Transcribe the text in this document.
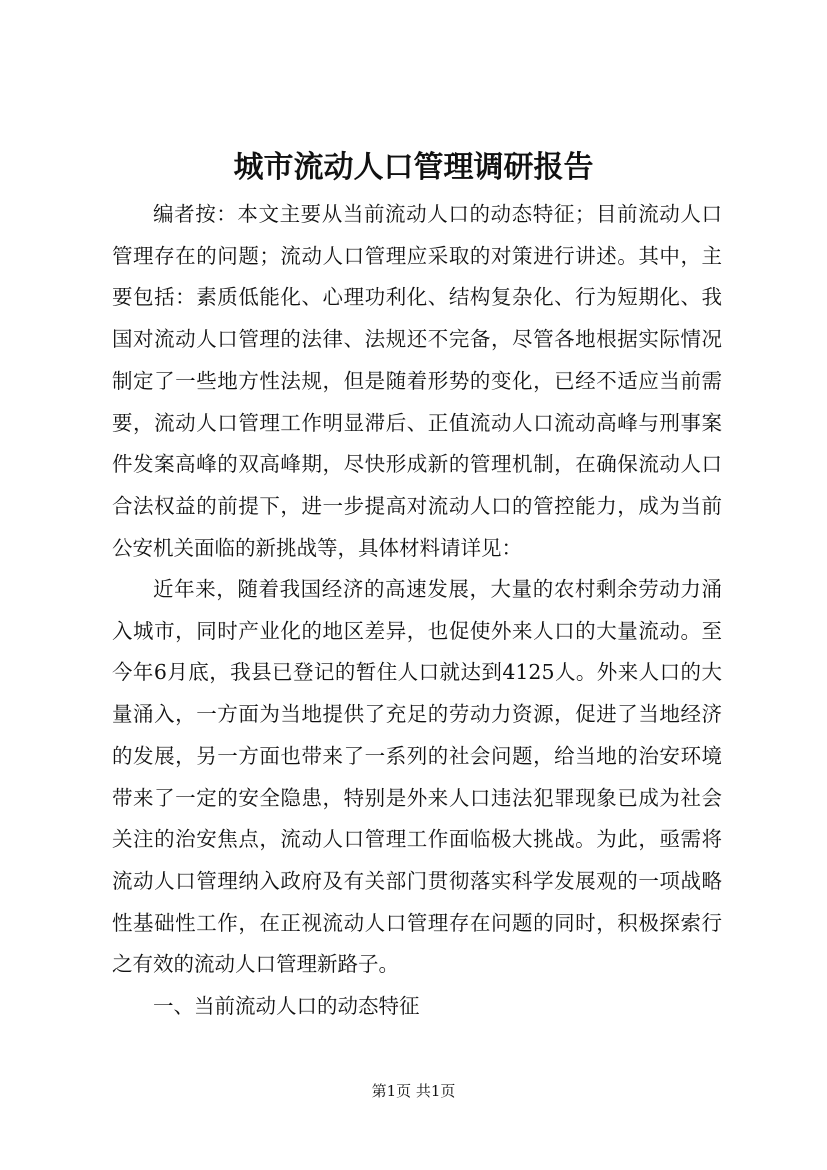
城市流动人口管理调研报告
编者按：本文主要从当前流动人口的动态特征；目前流动人口管理存在的问题；流动人口管理应采取的对策进行讲述。其中，主要包括：素质低能化、心理功利化、结构复杂化、行为短期化、我国对流动人口管理的法律、法规还不完备，尽管各地根据实际情况制定了一些地方性法规，但是随着形势的变化，已经不适应当前需要，流动人口管理工作明显滞后、正值流动人口流动高峰与刑事案件发案高峰的双高峰期，尽快形成新的管理机制，在确保流动人口合法权益的前提下，进一步提高对流动人口的管控能力，成为当前公安机关面临的新挑战等，具体材料请详见：
近年来，随着我国经济的高速发展，大量的农村剩余劳动力涌入城市，同时产业化的地区差异，也促使外来人口的大量流动。至今年6月底，我县已登记的暂住人口就达到4125人。外来人口的大量涌入，一方面为当地提供了充足的劳动力资源，促进了当地经济的发展，另一方面也带来了一系列的社会问题，给当地的治安环境带来了一定的安全隐患，特别是外来人口违法犯罪现象已成为社会关注的治安焦点，流动人口管理工作面临极大挑战。为此，亟需将流动人口管理纳入政府及有关部门贯彻落实科学发展观的一项战略性基础性工作，在正视流动人口管理存在问题的同时，积极探索行之有效的流动人口管理新路子。
一、当前流动人口的动态特征
第1页 共1页
